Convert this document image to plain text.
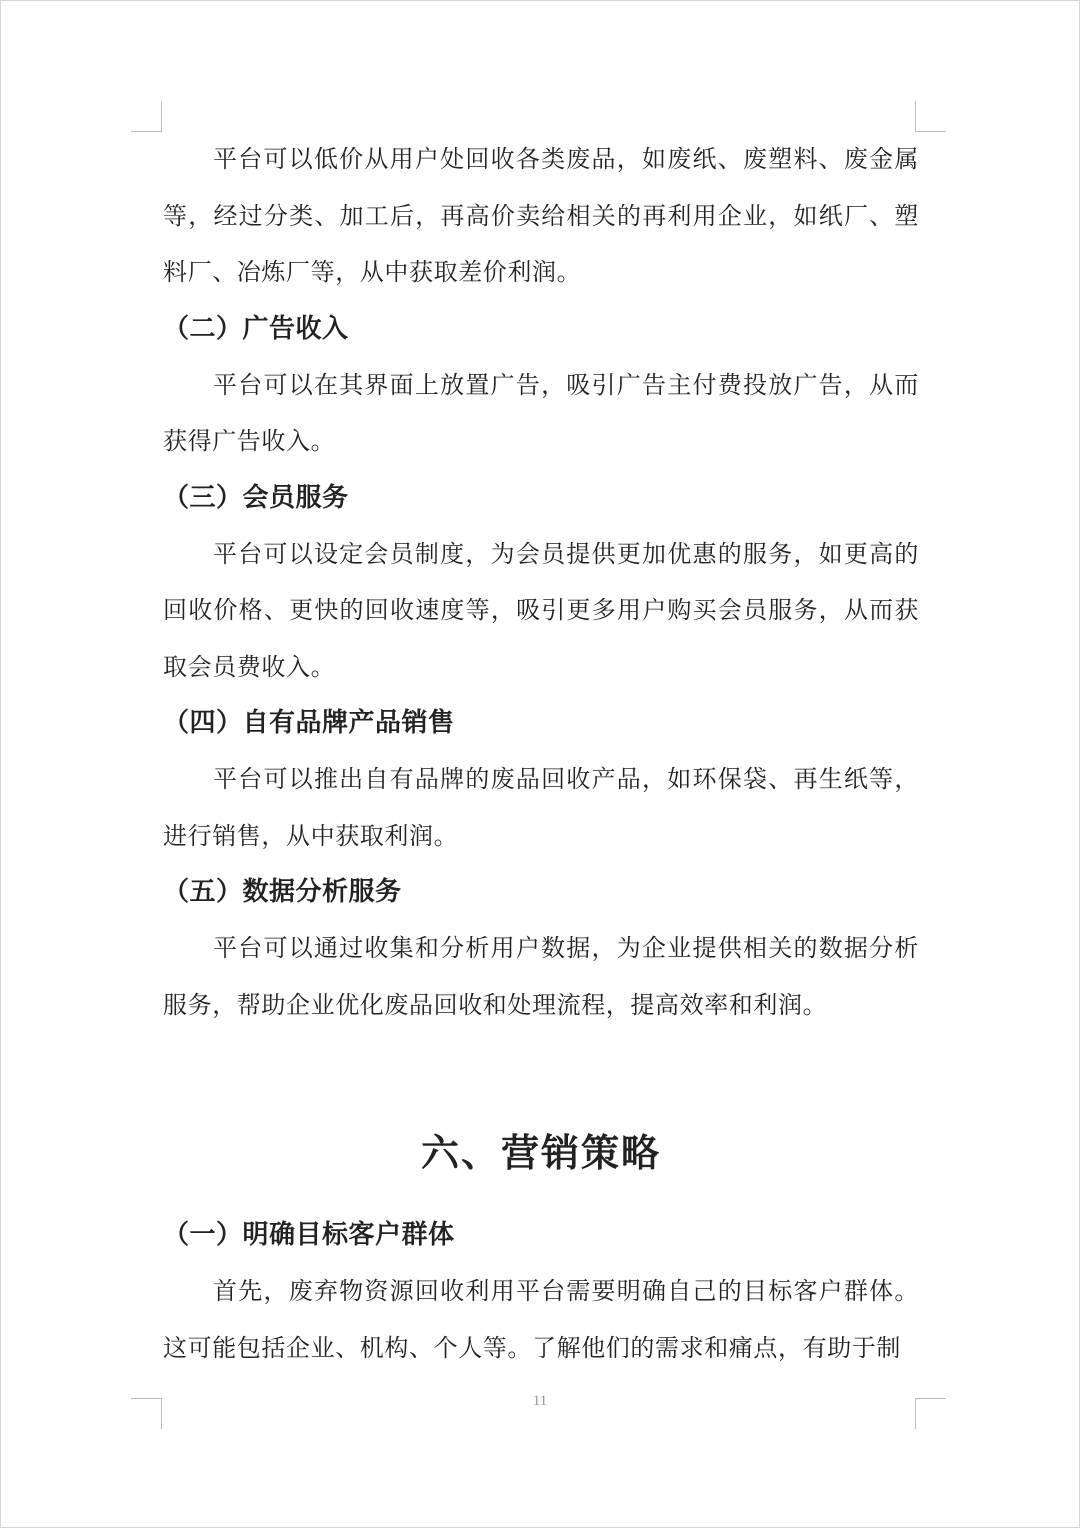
平台可以低价从用户处回收各类废品，如废纸、废塑料、废金属等，经过分类、加工后，再高价卖给相关的再利用企业，如纸厂、塑料厂、冶炼厂等，从中获取差价利润。

（二）广告收入

平台可以在其界面上放置广告，吸引广告主付费投放广告，从而获得广告收入。

（三）会员服务

平台可以设定会员制度，为会员提供更加优惠的服务，如更高的回收价格、更快的回收速度等，吸引更多用户购买会员服务，从而获取会员费收入。

（四）自有品牌产品销售

平台可以推出自有品牌的废品回收产品，如环保袋、再生纸等，进行销售，从中获取利润。

（五）数据分析服务

平台可以通过收集和分析用户数据，为企业提供相关的数据分析服务，帮助企业优化废品回收和处理流程，提高效率和利润。

六、营销策略
（一）明确目标客户群体

首先，废弃物资源回收利用平台需要明确自己的目标客户群体。这可能包括企业、机构、个人等。了解他们的需求和痛点，有助于制

11
